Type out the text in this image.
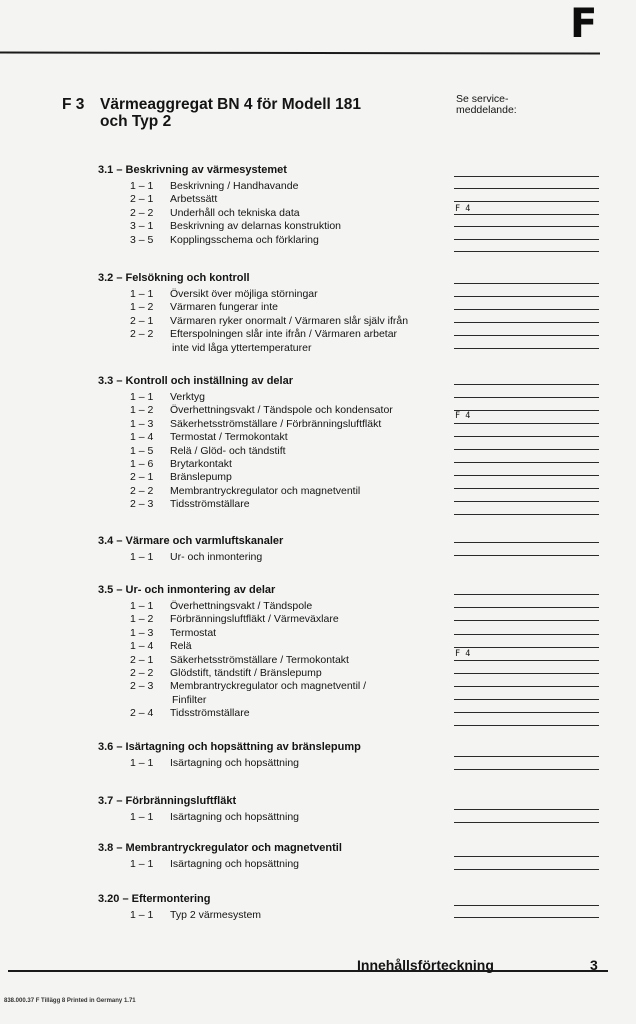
F
F 3	Värmeaggregat BN 4 för Modell 181
och Typ 2
Se service-
meddelande:
3.1 – Beskrivning av värmesystemet
1 – 1 Beskrivning / Handhavande
2 – 1 Arbetssätt
2 – 2 Underhåll och tekniska data
3 – 1 Beskrivning av delarnas konstruktion
3 – 5 Kopplingsschema och förklaring
3.2 – Felsökning och kontroll
1 – 1 Översikt över möjliga störningar
1 – 2 Värmaren fungerar inte
2 – 1 Värmaren ryker onormalt / Värmaren slår själv ifrån
2 – 2 Efterspolningen slår inte ifrån / Värmaren arbetar
inte vid låga yttertemperaturer
3.3 – Kontroll och inställning av delar
1 – 1 Verktyg
1 – 2 Överhettningsvakt / Tändspole och kondensator
1 – 3 Säkerhetsströmställare / Förbränningsluftfläkt
1 – 4 Termostat / Termokontakt
1 – 5 Relä / Glöd- och tändstift
1 – 6 Brytarkontakt
2 – 1 Bränslepump
2 – 2 Membrantryckregulator och magnetventil
2 – 3 Tidsströmställare
3.4 – Värmare och varmluftskanaler
1 – 1 Ur- och inmontering
3.5 – Ur- och inmontering av delar
1 – 1 Överhettningsvakt / Tändspole
1 – 2 Förbränningsluftfläkt / Värmeväxlare
1 – 3 Termostat
1 – 4 Relä
2 – 1 Säkerhetsströmställare / Termokontakt
2 – 2 Glödstift, tändstift / Bränslepump
2 – 3 Membrantryckregulator och magnetventil /
Finfilter
2 – 4 Tidsströmställare
3.6 – Isärtagning och hopsättning av bränslepump
1 – 1 Isärtagning och hopsättning
3.7 – Förbränningsluftfläkt
1 – 1 Isärtagning och hopsättning
3.8 – Membrantryckregulator och magnetventil
1 – 1 Isärtagning och hopsättning
3.20 – Eftermontering
1 – 1 Typ 2 värmesystem
F 4
F 4
F 4
Innehållsförteckning	3
838.000.37 F Tillägg 8 Printed in Germany 1.71
